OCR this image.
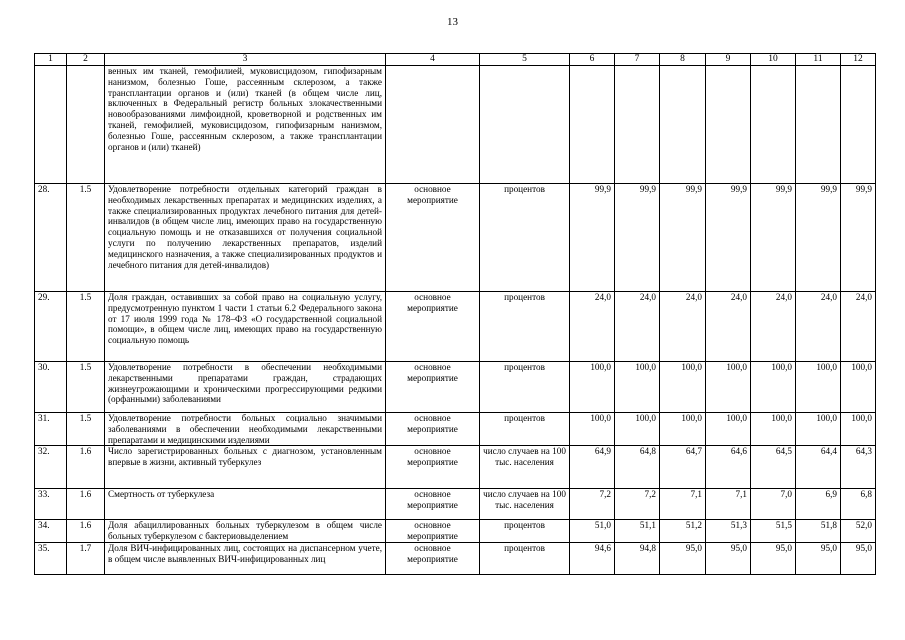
13
1	2	3	4	5	6	7	8	9	10	11	12
		венных им тканей, гемофилией, муковисцидозом, гипофизарным нанизмом, болезнью Гоше, рассеянным склерозом, а также трансплантации органов и (или) тканей (в общем числе лиц, включенных в Федеральный регистр больных злокачественными новообразованиями лимфоидной, кроветворной и родственных им тканей, гемофилией, муковисцидозом, гипофизарным нанизмом, болезнью Гоше, рассеянным склерозом, а также трансплантации органов и (или) тканей)									
28.	1.5	Удовлетворение потребности отдельных категорий граждан в необходимых лекарственных препаратах и медицинских изделиях, а также специализированных продуктах лечебного питания для детей-инвалидов (в общем числе лиц, имеющих право на государственную социальную помощь и не отказавшихся от получения социальной услуги по получению лекарственных препаратов, изделий медицинского назначения, а также специализированных продуктов и лечебного питания для детей-инвалидов)	основное мероприятие	процентов	99,9	99,9	99,9	99,9	99,9	99,9	99,9
29.	1.5	Доля граждан, оставивших за собой право на социальную услугу, предусмотренную пунктом 1 части 1 статьи 6.2 Федерального закона от 17 июля 1999 года № 178–ФЗ «О государственной социальной помощи», в общем числе лиц, имеющих право на государственную социальную помощь	основное мероприятие	процентов	24,0	24,0	24,0	24,0	24,0	24,0	24,0
30.	1.5	Удовлетворение потребности в обеспечении необходимыми лекарственными препаратами граждан, страдающих жизнеугрожающими и хроническими прогрессирующими редкими (орфанными) заболеваниями	основное мероприятие	процентов	100,0	100,0	100,0	100,0	100,0	100,0	100,0
31.	1.5	Удовлетворение потребности больных социально значимыми заболеваниями в обеспечении необходимыми лекарственными препаратами и медицинскими изделиями	основное мероприятие	процентов	100,0	100,0	100,0	100,0	100,0	100,0	100,0
32.	1.6	Число зарегистрированных больных с диагнозом, установленным впервые в жизни, активный туберкулез	основное мероприятие	число случаев на 100 тыс. населения	64,9	64,8	64,7	64,6	64,5	64,4	64,3
33.	1.6	Смертность от туберкулеза	основное мероприятие	число случаев на 100 тыс. населения	7,2	7,2	7,1	7,1	7,0	6,9	6,8
34.	1.6	Доля абациллированных больных туберкулезом в общем числе больных туберкулезом с бактериовыделением	основное мероприятие	процентов	51,0	51,1	51,2	51,3	51,5	51,8	52,0
35.	1.7	Доля ВИЧ-инфицированных лиц, состоящих на диспансерном учете, в общем числе выявленных ВИЧ-инфицированных лиц	основное мероприятие	процентов	94,6	94,8	95,0	95,0	95,0	95,0	95,0
